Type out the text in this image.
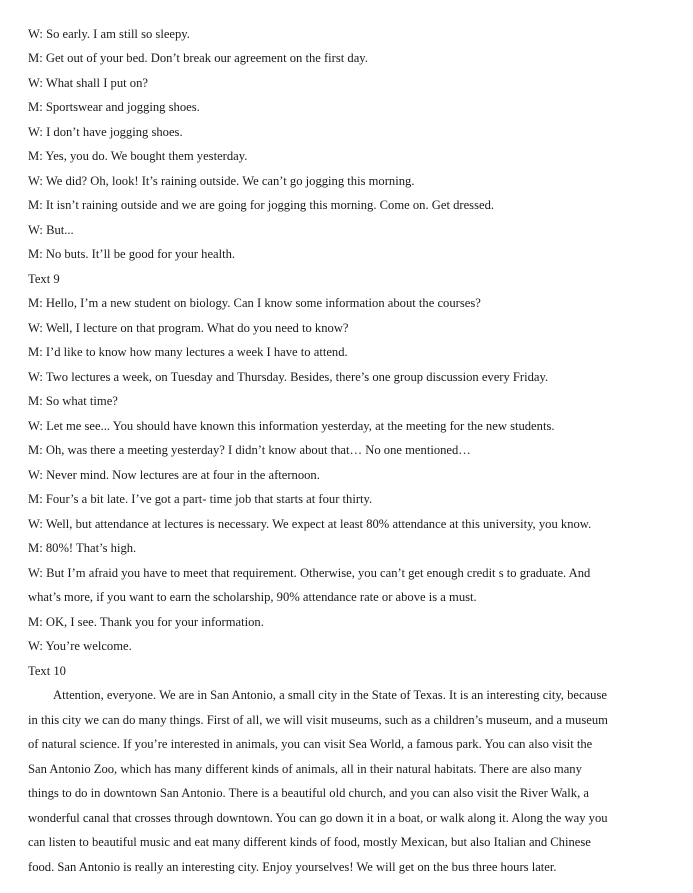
W: So early. I am still so sleepy.
M: Get out of your bed. Don’t break our agreement on the first day.
W: What shall I put on?
M: Sportswear and jogging shoes.
W: I don’t have jogging shoes.
M: Yes, you do. We bought them yesterday.
W: We did? Oh, look! It’s raining outside. We can’t go jogging this morning.
M: It isn’t raining outside and we are going for jogging this morning. Come on. Get dressed.
W: But...
M: No buts. It’ll be good for your health.
Text 9
M: Hello, I’m a new student on biology. Can I know some information about the courses?
W: Well, I lecture on that program. What do you need to know?
M: I’d like to know how many lectures a week I have to attend.
W: Two lectures a week, on Tuesday and Thursday. Besides, there’s one group discussion every Friday.
M: So what time?
W: Let me see... You should have known this information yesterday, at the meeting for the new students.
M: Oh, was there a meeting yesterday? I didn’t know about that… No one mentioned…
W: Never mind. Now lectures are at four in the afternoon.
M: Four’s a bit late. I’ve got a part- time job that starts at four thirty.
W: Well, but attendance at lectures is necessary. We expect at least 80% attendance at this university, you know.
M: 80%! That’s high.
W: But I’m afraid you have to meet that requirement. Otherwise, you can’t get enough credit s to graduate. And
what’s more, if you want to earn the scholarship, 90% attendance rate or above is a must.
M: OK, I see. Thank you for your information.
W: You’re welcome.
Text 10
Attention, everyone. We are in San Antonio, a small city in the State of Texas. It is an interesting city, because
in this city we can do many things. First of all, we will visit museums, such as a children’s museum, and a museum
of natural science. If you’re interested in animals, you can visit Sea World, a famous park. You can also visit the
San Antonio Zoo, which has many different kinds of animals, all in their natural habitats. There are also many
things to do in downtown San Antonio. There is a beautiful old church, and you can also visit the River Walk, a
wonderful canal that crosses through downtown. You can go down it in a boat, or walk along it. Along the way you
can listen to beautiful music and eat many different kinds of food, mostly Mexican, but also Italian and Chinese
food. San Antonio is really an interesting city. Enjoy yourselves! We will get on the bus three hours later.
